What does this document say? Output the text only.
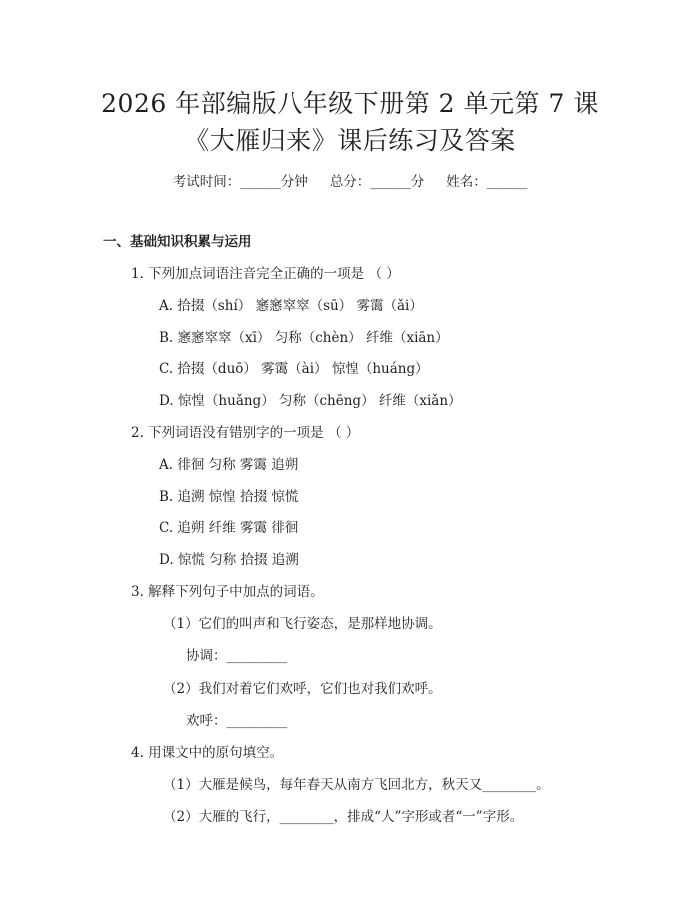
2026 年部编版八年级下册第 2 单元第 7 课
《大雁归来》课后练习及答案
考试时间：______分钟 总分：______分 姓名：______
一、基础知识积累与运用
1. 下列加点词语注音完全正确的一项是 （ ）
A. 拾掇（shí） 窸窸窣窣（sū） 雾霭（ǎi）
B. 窸窸窣窣（xī） 匀称（chèn） 纤维（xiān）
C. 拾掇（duō） 雾霭（ài） 惊惶（huáng）
D. 惊惶（huǎng） 匀称（chēng） 纤维（xiǎn）
2. 下列词语没有错别字的一项是 （ ）
A. 徘徊 匀称 雾霭 追朔
B. 追溯 惊惶 拾掇 惊慌
C. 追朔 纤维 雾霭 徘徊
D. 惊慌 匀称 拾掇 追溯
3. 解释下列句子中加点的词语。
（1）它们的叫声和飞行姿态，是那样地协调。
协调：_________
（2）我们对着它们欢呼，它们也对我们欢呼。
欢呼：_________
4. 用课文中的原句填空。
（1）大雁是候鸟，每年春天从南方飞回北方，秋天又________。
（2）大雁的飞行，________，排成“人”字形或者“一”字形。
